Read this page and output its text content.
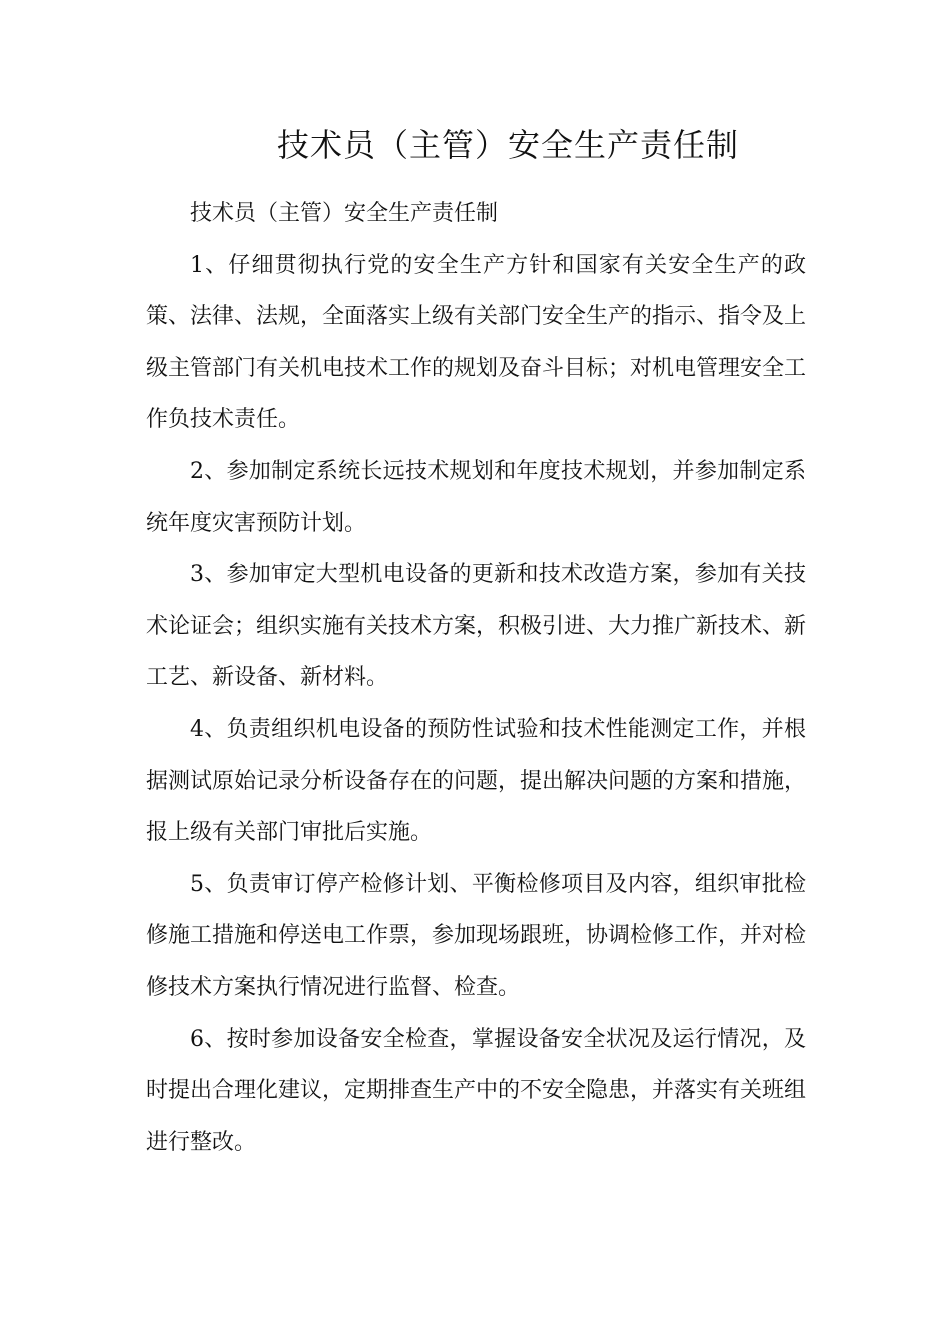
技术员（主管）安全生产责任制

技术员（主管）安全生产责任制

1、仔细贯彻执行党的安全生产方针和国家有关安全生产的政策、法律、法规，全面落实上级有关部门安全生产的指示、指令及上级主管部门有关机电技术工作的规划及奋斗目标；对机电管理安全工作负技术责任。

2、参加制定系统长远技术规划和年度技术规划，并参加制定系统年度灾害预防计划。

3、参加审定大型机电设备的更新和技术改造方案，参加有关技术论证会；组织实施有关技术方案，积极引进、大力推广新技术、新工艺、新设备、新材料。

4、负责组织机电设备的预防性试验和技术性能测定工作，并根据测试原始记录分析设备存在的问题，提出解决问题的方案和措施，报上级有关部门审批后实施。

5、负责审订停产检修计划、平衡检修项目及内容，组织审批检修施工措施和停送电工作票，参加现场跟班，协调检修工作，并对检修技术方案执行情况进行监督、检查。

6、按时参加设备安全检查，掌握设备安全状况及运行情况，及时提出合理化建议，定期排查生产中的不安全隐患，并落实有关班组进行整改。
